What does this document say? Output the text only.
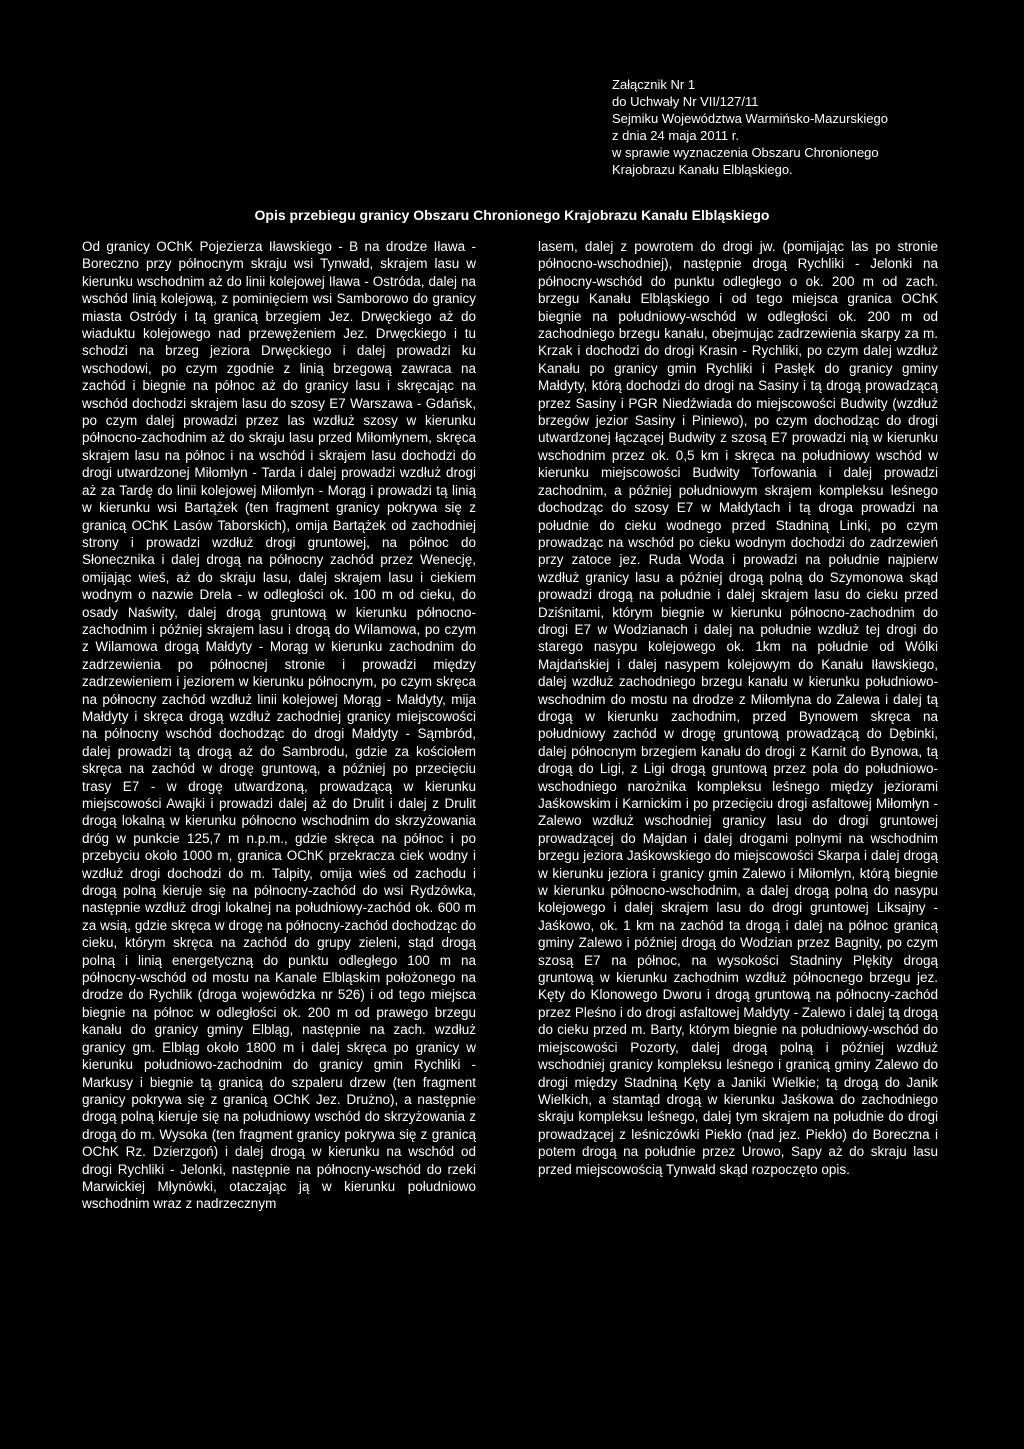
Załącznik Nr 1
do Uchwały Nr VII/127/11
Sejmiku Województwa Warmińsko-Mazurskiego
z dnia 24 maja 2011 r.
w sprawie wyznaczenia Obszaru Chronionego
Krajobrazu Kanału Elbląskiego.
Opis przebiegu granicy Obszaru Chronionego Krajobrazu Kanału Elbląskiego

Od granicy OChK Pojezierza Iławskiego - B na drodze Iława - Boreczno przy północnym skraju wsi Tynwałd, skrajem lasu w kierunku wschodnim aż do linii kolejowej Iława - Ostróda, dalej na wschód linią kolejową, z pominięciem wsi Samborowo do granicy miasta Ostródy i tą granicą brzegiem Jez. Drwęckiego aż do wiaduktu kolejowego nad przewężeniem Jez. Drwęckiego i tu schodzi na brzeg jeziora Drwęckiego i dalej prowadzi ku wschodowi, po czym zgodnie z linią brzegową zawraca na zachód i biegnie na północ aż do granicy lasu i skręcając na wschód dochodzi skrajem lasu do szosy E7 Warszawa - Gdańsk, po czym dalej prowadzi przez las wzdłuż szosy w kierunku północno-zachodnim aż do skraju lasu przed Miłomłynem, skręca skrajem lasu na północ i na wschód i skrajem lasu dochodzi do drogi utwardzonej Miłomłyn - Tarda i dalej prowadzi wzdłuż drogi aż za Tardę do linii kolejowej Miłomłyn - Morąg i prowadzi tą linią w kierunku wsi Bartążek (ten fragment granicy pokrywa się z granicą OChK Lasów Taborskich), omija Bartążek od zachodniej strony i prowadzi wzdłuż drogi gruntowej, na północ do Słonecznika i dalej drogą na północny zachód przez Wenecję, omijając wieś, aż do skraju lasu, dalej skrajem lasu i ciekiem wodnym o nazwie Drela - w odległości ok. 100 m od cieku, do osady Naświty, dalej drogą gruntową w kierunku północno-zachodnim i później skrajem lasu i drogą do Wilamowa, po czym z Wilamowa drogą Małdyty - Morąg w kierunku zachodnim do zadrzewienia po północnej stronie i prowadzi między zadrzewieniem i jeziorem w kierunku północnym, po czym skręca na północny zachód wzdłuż linii kolejowej Morąg - Małdyty, mija Małdyty i skręca drogą wzdłuż zachodniej granicy miejscowości na północny wschód dochodząc do drogi Małdyty - Sąmbród, dalej prowadzi tą drogą aż do Sambrodu, gdzie za kościołem skręca na zachód w drogę gruntową, a później po przecięciu trasy E7 - w drogę utwardzoną, prowadzącą w kierunku miejscowości Awajki i prowadzi dalej aż do Drulit i dalej z Drulit drogą lokalną w kierunku północno wschodnim do skrzyżowania dróg w punkcie 125,7 m n.p.m., gdzie skręca na północ i po przebyciu około 1000 m, granica OChK przekracza ciek wodny i wzdłuż drogi dochodzi do m. Talpity, omija wieś od zachodu i drogą polną kieruje się na północny-zachód do wsi Rydzówka, następnie wzdłuż drogi lokalnej na południowy-zachód ok. 600 m za wsią, gdzie skręca w drogę na północny-zachód dochodząc do cieku, którym skręca na zachód do grupy zieleni, stąd drogą polną i linią energetyczną do punktu odległego 100 m na północny-wschód od mostu na Kanale Elbląskim położonego na drodze do Rychlik (droga wojewódzka nr 526) i od tego miejsca biegnie na północ w odległości ok. 200 m od prawego brzegu kanału do granicy gminy Elbląg, następnie na zach. wzdłuż granicy gm. Elbląg około 1800 m i dalej skręca po granicy w kierunku południowo-zachodnim do granicy gmin Rychliki - Markusy i biegnie tą granicą do szpaleru drzew (ten fragment granicy pokrywa się z granicą OChK Jez. Drużno), a następnie drogą polną kieruje się na południowy wschód do skrzyżowania z drogą do m. Wysoka (ten fragment granicy pokrywa się z granicą OChK Rz. Dzierzgoń) i dalej drogą w kierunku na wschód od drogi Rychliki - Jelonki, następnie na północny-wschód do rzeki Marwickiej Młynówki, otaczając ją w kierunku południowo wschodnim wraz z nadrzecznym

lasem, dalej z powrotem do drogi jw. (pomijając las po stronie północno-wschodniej), następnie drogą Rychliki - Jelonki na północny-wschód do punktu odległego o ok. 200 m od zach. brzegu Kanału Elbląskiego i od tego miejsca granica OChK biegnie na południowy-wschód w odległości ok. 200 m od zachodniego brzegu kanału, obejmując zadrzewienia skarpy za m. Krzak i dochodzi do drogi Krasin - Rychliki, po czym dalej wzdłuż Kanału po granicy gmin Rychliki i Pasłęk do granicy gminy Małdyty, którą dochodzi do drogi na Sasiny i tą drogą prowadzącą przez Sasiny i PGR Niedźwiada do miejscowości Budwity (wzdłuż brzegów jezior Sasiny i Piniewo), po czym dochodząc do drogi utwardzonej łączącej Budwity z szosą E7 prowadzi nią w kierunku wschodnim przez ok. 0,5 km i skręca na południowy wschód w kierunku miejscowości Budwity Torfowania i dalej prowadzi zachodnim, a później południowym skrajem kompleksu leśnego dochodząc do szosy E7 w Małdytach i tą droga prowadzi na południe do cieku wodnego przed Stadniną Linki, po czym prowadząc na wschód po cieku wodnym dochodzi do zadrzewień przy zatoce jez. Ruda Woda i prowadzi na południe najpierw wzdłuż granicy lasu a później drogą polną do Szymonowa skąd prowadzi drogą na południe i dalej skrajem lasu do cieku przed Dziśnitami, którym biegnie w kierunku północno-zachodnim do drogi E7 w Wodzianach i dalej na południe wzdłuż tej drogi do starego nasypu kolejowego ok. 1km na południe od Wólki Majdańskiej i dalej nasypem kolejowym do Kanału Iławskiego, dalej wzdłuż zachodniego brzegu kanału w kierunku południowo-wschodnim do mostu na drodze z Miłomłyna do Zalewa i dalej tą drogą w kierunku zachodnim, przed Bynowem skręca na południowy zachód w drogę gruntową prowadzącą do Dębinki, dalej północnym brzegiem kanału do drogi z Karnit do Bynowa, tą drogą do Ligi, z Ligi drogą gruntową przez pola do południowo-wschodniego narożnika kompleksu leśnego między jeziorami Jaśkowskim i Karnickim i po przecięciu drogi asfaltowej Miłomłyn - Zalewo wzdłuż wschodniej granicy lasu do drogi gruntowej prowadzącej do Majdan i dalej drogami polnymi na wschodnim brzegu jeziora Jaśkowskiego do miejscowości Skarpa i dalej drogą w kierunku jeziora i granicy gmin Zalewo i Miłomłyn, którą biegnie w kierunku północno-wschodnim, a dalej drogą polną do nasypu kolejowego i dalej skrajem lasu do drogi gruntowej Liksajny - Jaśkowo, ok. 1 km na zachód ta drogą i dalej na północ granicą gminy Zalewo i później drogą do Wodzian przez Bagnity, po czym szosą E7 na północ, na wysokości Stadniny Plękity drogą gruntową w kierunku zachodnim wzdłuż północnego brzegu jez. Kęty do Klonowego Dworu i drogą gruntową na północny-zachód przez Pleśno i do drogi asfaltowej Małdyty - Zalewo i dalej tą drogą do cieku przed m. Barty, którym biegnie na południowy-wschód do miejscowości Pozorty, dalej drogą polną i później wzdłuż wschodniej granicy kompleksu leśnego i granicą gminy Zalewo do drogi między Stadniną Kęty a Janiki Wielkie; tą drogą do Janik Wielkich, a stamtąd drogą w kierunku Jaśkowa do zachodniego skraju kompleksu leśnego, dalej tym skrajem na południe do drogi prowadzącej z leśniczówki Piekło (nad jez. Piekło) do Boreczna i potem drogą na południe przez Urowo, Sapy aż do skraju lasu przed miejscowością Tynwałd skąd rozpoczęto opis.
